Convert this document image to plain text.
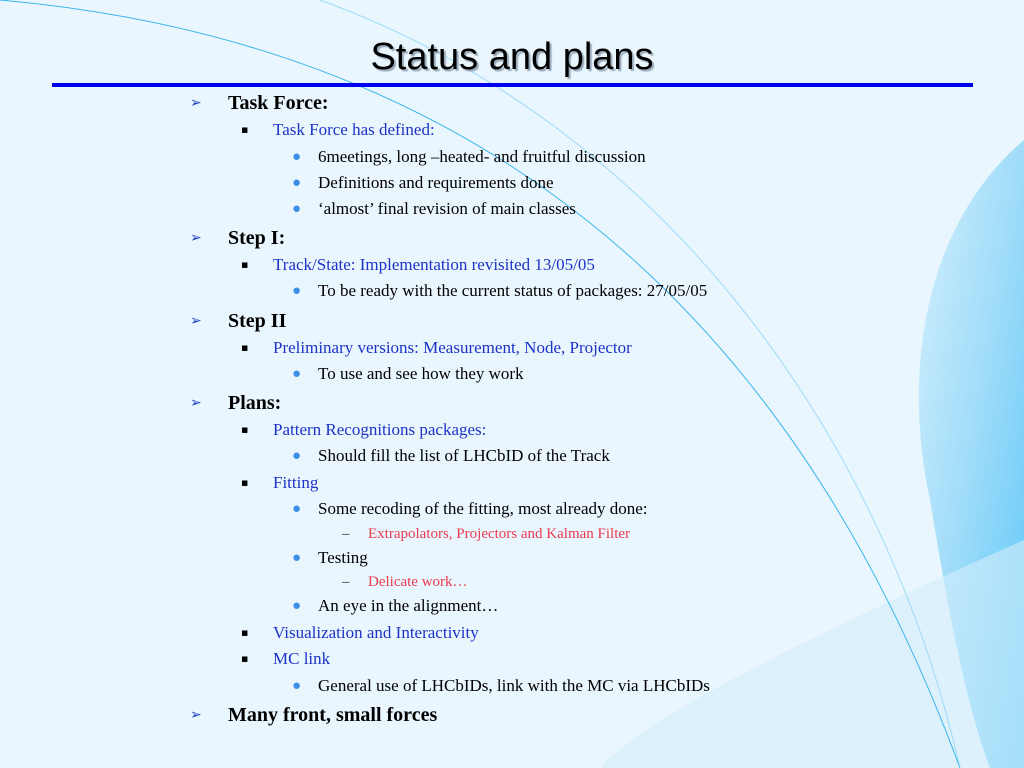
Status and plans
➢ Task Force:
▪ Task Force has defined:
● 6meetings, long –heated- and fruitful discussion
● Definitions and requirements done
● ‘almost’ final revision of main classes
➢ Step I:
▪ Track/State: Implementation revisited 13/05/05
● To be ready with the current status of packages: 27/05/05
➢ Step II
▪ Preliminary versions: Measurement, Node, Projector
● To use and see how they work
➢ Plans:
▪ Pattern Recognitions packages:
● Should fill the list of LHCbID of the Track
▪ Fitting
● Some recoding of the fitting, most already done:
– Extrapolators, Projectors and Kalman Filter
● Testing
– Delicate work…
● An eye in the alignment…
▪ Visualization and Interactivity
▪ MC link
● General use of LHCbIDs, link with the MC via LHCbIDs
➢ Many front, small forces
